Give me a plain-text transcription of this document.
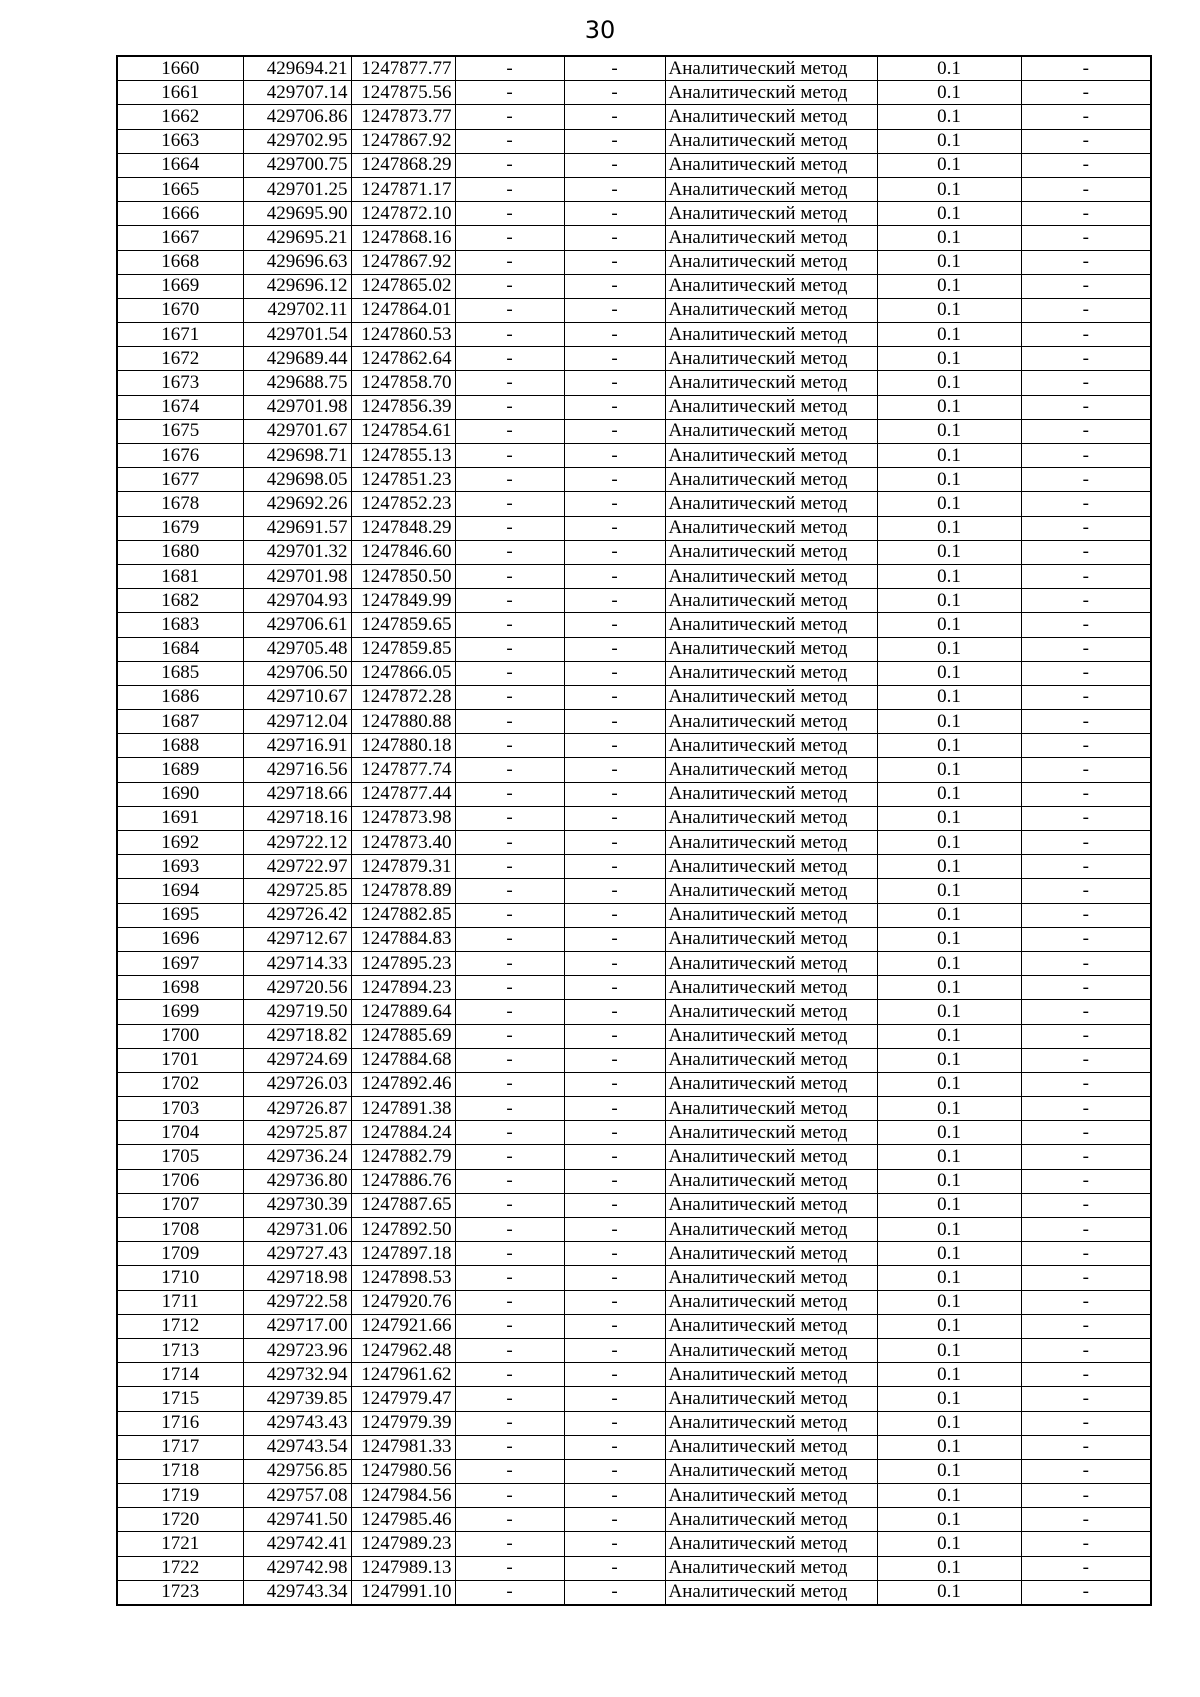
30
1660	429694.21	1247877.77	-	-	Аналитический метод	0.1	-
1661	429707.14	1247875.56	-	-	Аналитический метод	0.1	-
1662	429706.86	1247873.77	-	-	Аналитический метод	0.1	-
1663	429702.95	1247867.92	-	-	Аналитический метод	0.1	-
1664	429700.75	1247868.29	-	-	Аналитический метод	0.1	-
1665	429701.25	1247871.17	-	-	Аналитический метод	0.1	-
1666	429695.90	1247872.10	-	-	Аналитический метод	0.1	-
1667	429695.21	1247868.16	-	-	Аналитический метод	0.1	-
1668	429696.63	1247867.92	-	-	Аналитический метод	0.1	-
1669	429696.12	1247865.02	-	-	Аналитический метод	0.1	-
1670	429702.11	1247864.01	-	-	Аналитический метод	0.1	-
1671	429701.54	1247860.53	-	-	Аналитический метод	0.1	-
1672	429689.44	1247862.64	-	-	Аналитический метод	0.1	-
1673	429688.75	1247858.70	-	-	Аналитический метод	0.1	-
1674	429701.98	1247856.39	-	-	Аналитический метод	0.1	-
1675	429701.67	1247854.61	-	-	Аналитический метод	0.1	-
1676	429698.71	1247855.13	-	-	Аналитический метод	0.1	-
1677	429698.05	1247851.23	-	-	Аналитический метод	0.1	-
1678	429692.26	1247852.23	-	-	Аналитический метод	0.1	-
1679	429691.57	1247848.29	-	-	Аналитический метод	0.1	-
1680	429701.32	1247846.60	-	-	Аналитический метод	0.1	-
1681	429701.98	1247850.50	-	-	Аналитический метод	0.1	-
1682	429704.93	1247849.99	-	-	Аналитический метод	0.1	-
1683	429706.61	1247859.65	-	-	Аналитический метод	0.1	-
1684	429705.48	1247859.85	-	-	Аналитический метод	0.1	-
1685	429706.50	1247866.05	-	-	Аналитический метод	0.1	-
1686	429710.67	1247872.28	-	-	Аналитический метод	0.1	-
1687	429712.04	1247880.88	-	-	Аналитический метод	0.1	-
1688	429716.91	1247880.18	-	-	Аналитический метод	0.1	-
1689	429716.56	1247877.74	-	-	Аналитический метод	0.1	-
1690	429718.66	1247877.44	-	-	Аналитический метод	0.1	-
1691	429718.16	1247873.98	-	-	Аналитический метод	0.1	-
1692	429722.12	1247873.40	-	-	Аналитический метод	0.1	-
1693	429722.97	1247879.31	-	-	Аналитический метод	0.1	-
1694	429725.85	1247878.89	-	-	Аналитический метод	0.1	-
1695	429726.42	1247882.85	-	-	Аналитический метод	0.1	-
1696	429712.67	1247884.83	-	-	Аналитический метод	0.1	-
1697	429714.33	1247895.23	-	-	Аналитический метод	0.1	-
1698	429720.56	1247894.23	-	-	Аналитический метод	0.1	-
1699	429719.50	1247889.64	-	-	Аналитический метод	0.1	-
1700	429718.82	1247885.69	-	-	Аналитический метод	0.1	-
1701	429724.69	1247884.68	-	-	Аналитический метод	0.1	-
1702	429726.03	1247892.46	-	-	Аналитический метод	0.1	-
1703	429726.87	1247891.38	-	-	Аналитический метод	0.1	-
1704	429725.87	1247884.24	-	-	Аналитический метод	0.1	-
1705	429736.24	1247882.79	-	-	Аналитический метод	0.1	-
1706	429736.80	1247886.76	-	-	Аналитический метод	0.1	-
1707	429730.39	1247887.65	-	-	Аналитический метод	0.1	-
1708	429731.06	1247892.50	-	-	Аналитический метод	0.1	-
1709	429727.43	1247897.18	-	-	Аналитический метод	0.1	-
1710	429718.98	1247898.53	-	-	Аналитический метод	0.1	-
1711	429722.58	1247920.76	-	-	Аналитический метод	0.1	-
1712	429717.00	1247921.66	-	-	Аналитический метод	0.1	-
1713	429723.96	1247962.48	-	-	Аналитический метод	0.1	-
1714	429732.94	1247961.62	-	-	Аналитический метод	0.1	-
1715	429739.85	1247979.47	-	-	Аналитический метод	0.1	-
1716	429743.43	1247979.39	-	-	Аналитический метод	0.1	-
1717	429743.54	1247981.33	-	-	Аналитический метод	0.1	-
1718	429756.85	1247980.56	-	-	Аналитический метод	0.1	-
1719	429757.08	1247984.56	-	-	Аналитический метод	0.1	-
1720	429741.50	1247985.46	-	-	Аналитический метод	0.1	-
1721	429742.41	1247989.23	-	-	Аналитический метод	0.1	-
1722	429742.98	1247989.13	-	-	Аналитический метод	0.1	-
1723	429743.34	1247991.10	-	-	Аналитический метод	0.1	-
